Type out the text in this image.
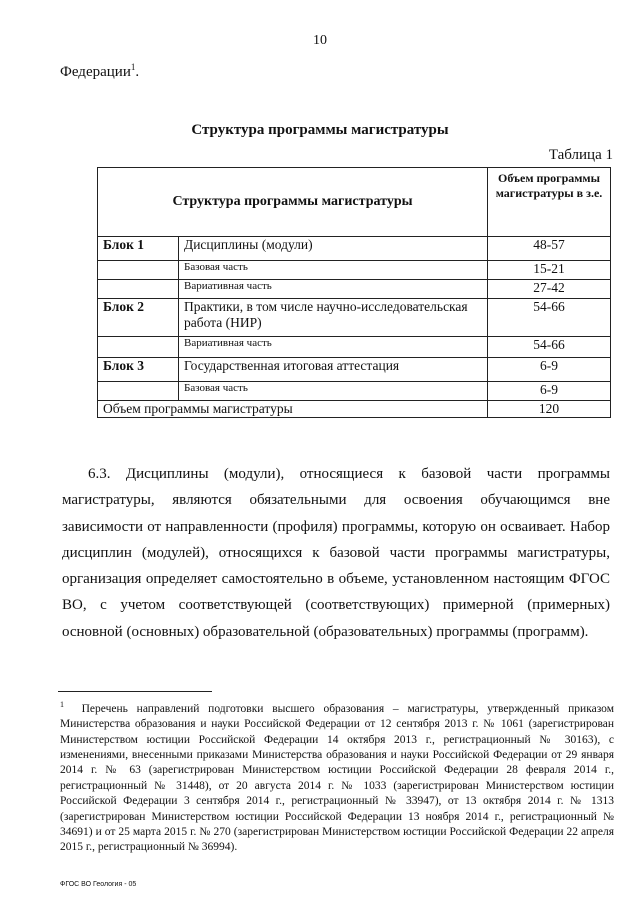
10
Федерации$^1$.
Структура программы магистратуры
Таблица 1
Структура программы магистратуры		Объем программы магистратуры в з.е.
Блок 1	Дисциплины (модули)	48-57
	Базовая часть	15-21
	Вариативная часть	27-42
Блок 2	Практики, в том числе научно-исследовательская работа (НИР)	54-66
	Вариативная часть	54-66
Блок 3	Государственная итоговая аттестация	6-9
	Базовая часть	6-9
Объем программы магистратуры		120

6.3. Дисциплины (модули), относящиеся к базовой части программы магистратуры, являются обязательными для освоения обучающимся вне зависимости от направленности (профиля) программы, которую он осваивает. Набор дисциплин (модулей), относящихся к базовой части программы магистратуры, организация определяет самостоятельно в объеме, установленном настоящим ФГОС ВО, с учетом соответствующей (соответствующих) примерной (примерных) основной (основных) образовательной (образовательных) программы (программ).

$^1$ Перечень направлений подготовки высшего образования – магистратуры, утвержденный приказом Министерства образования и науки Российской Федерации от 12 сентября 2013 г. № 1061 (зарегистрирован Министерством юстиции Российской Федерации 14 октября 2013 г., регистрационный № 30163), с изменениями, внесенными приказами Министерства образования и науки Российской Федерации от 29 января 2014 г. № 63 (зарегистрирован Министерством юстиции Российской Федерации 28 февраля 2014 г., регистрационный № 31448), от 20 августа 2014 г. № 1033 (зарегистрирован Министерством юстиции Российской Федерации 3 сентября 2014 г., регистрационный № 33947), от 13 октября 2014 г. № 1313 (зарегистрирован Министерством юстиции Российской Федерации 13 ноября 2014 г., регистрационный № 34691) и от 25 марта 2015 г. № 270 (зарегистрирован Министерством юстиции Российской Федерации 22 апреля 2015 г., регистрационный № 36994).
ФГОС ВО Геология - 05
